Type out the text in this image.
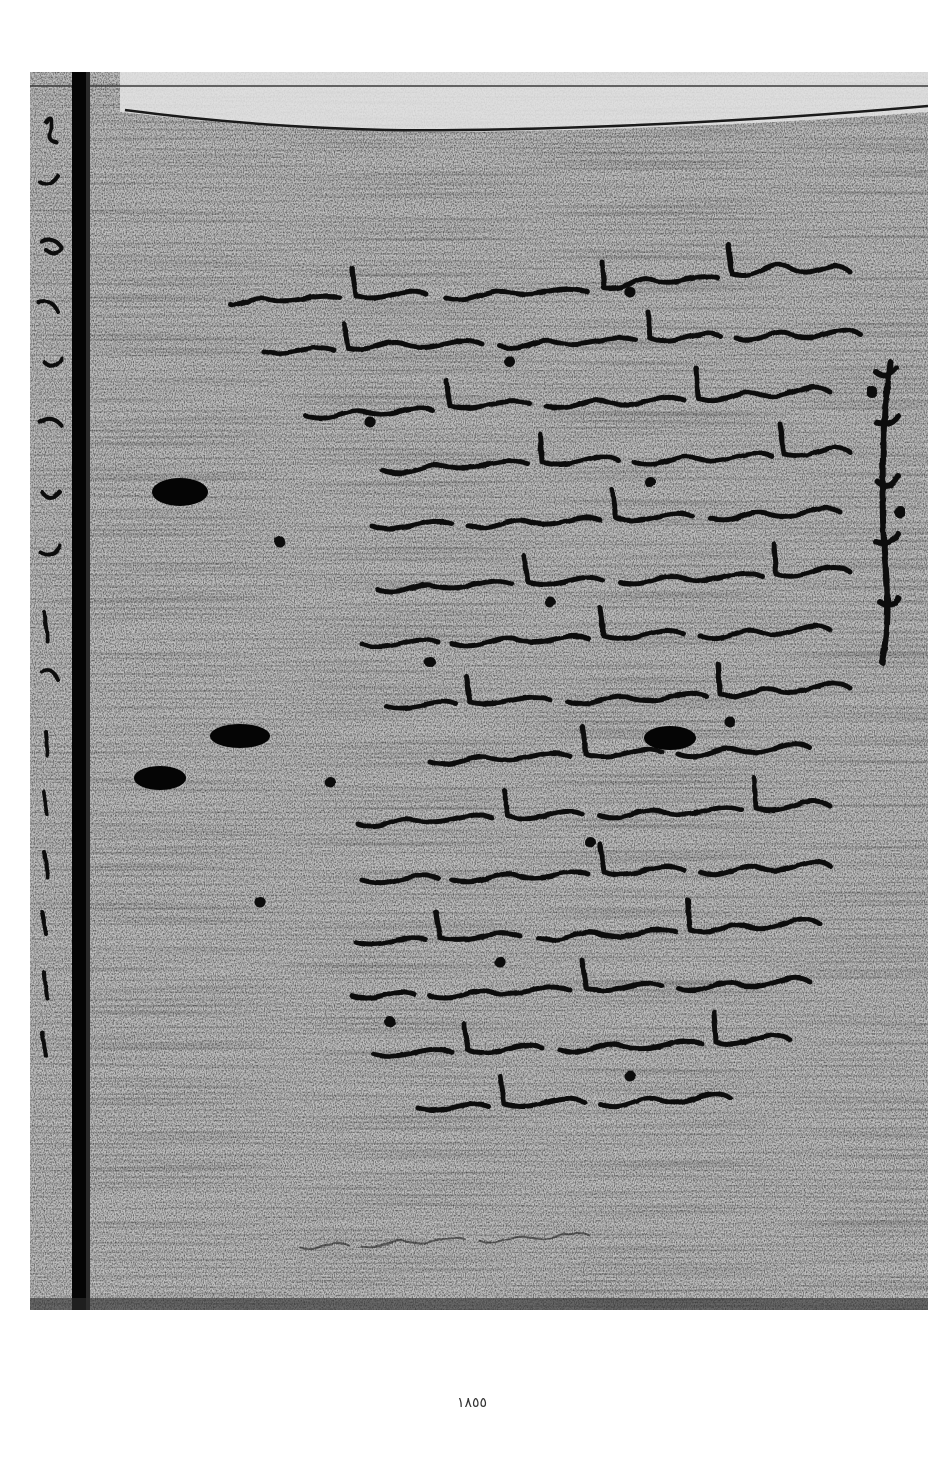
١٨٥٥
